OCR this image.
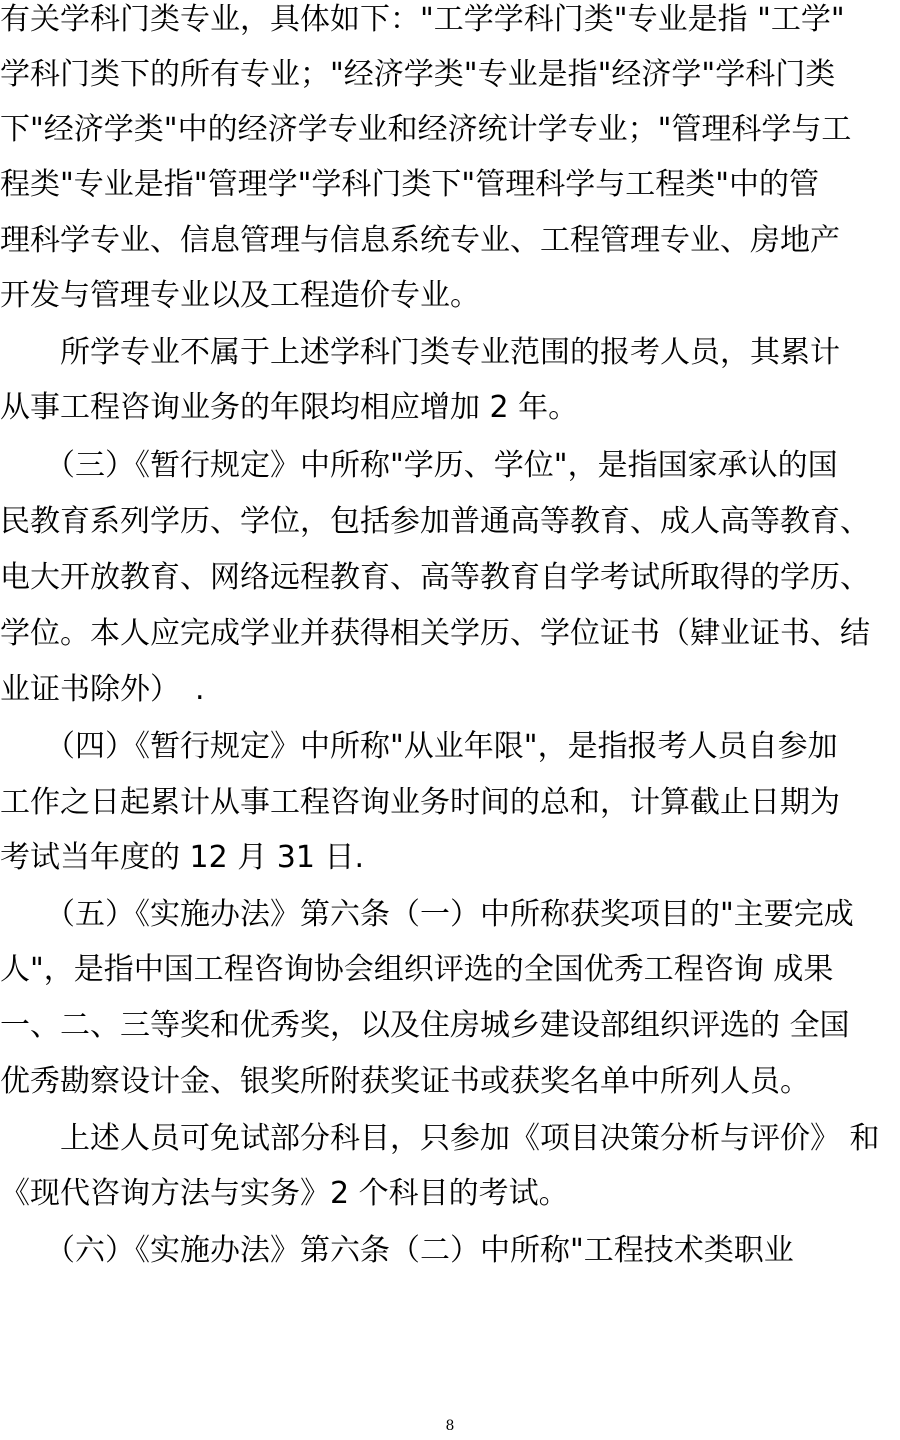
有关学科门类专业，具体如下："工学学科门类"专业是指 "工学"
学科门类下的所有专业；"经济学类"专业是指"经济学"学科门类
下"经济学类"中的经济学专业和经济统计学专业；"管理科学与工
程类"专业是指"管理学"学科门类下"管理科学与工程类"中的管
理科学专业、信息管理与信息系统专业、工程管理专业、房地产
开发与管理专业以及工程造价专业。
　　所学专业不属于上述学科门类专业范围的报考人员，其累计
从事工程咨询业务的年限均相应增加 2 年。
　　（三）《暂行规定》中所称"学历、学位"，是指国家承认的国
民教育系列学历、学位，包括参加普通高等教育、成人高等教育、
电大开放教育、网络远程教育、高等教育自学考试所取得的学历、
学位。本人应完成学业并获得相关学历、学位证书（肄业证书、结
业证书除外）　.
　　（四）《暂行规定》中所称"从业年限"，是指报考人员自参加
工作之日起累计从事工程咨询业务时间的总和，计算截止日期为
考试当年度的 12 月 31 日.
　　（五）《实施办法》第六条（一）中所称获奖项目的"主要完成
人"，是指中国工程咨询协会组织评选的全国优秀工程咨询 成果
一、二、三等奖和优秀奖，以及住房城乡建设部组织评选的 全国
优秀勘察设计金、银奖所附获奖证书或获奖名单中所列人员。
　　上述人员可免试部分科目，只参加《项目决策分析与评价》 和
《现代咨询方法与实务》2 个科目的考试。
　　（六）《实施办法》第六条（二）中所称"工程技术类职业
8
